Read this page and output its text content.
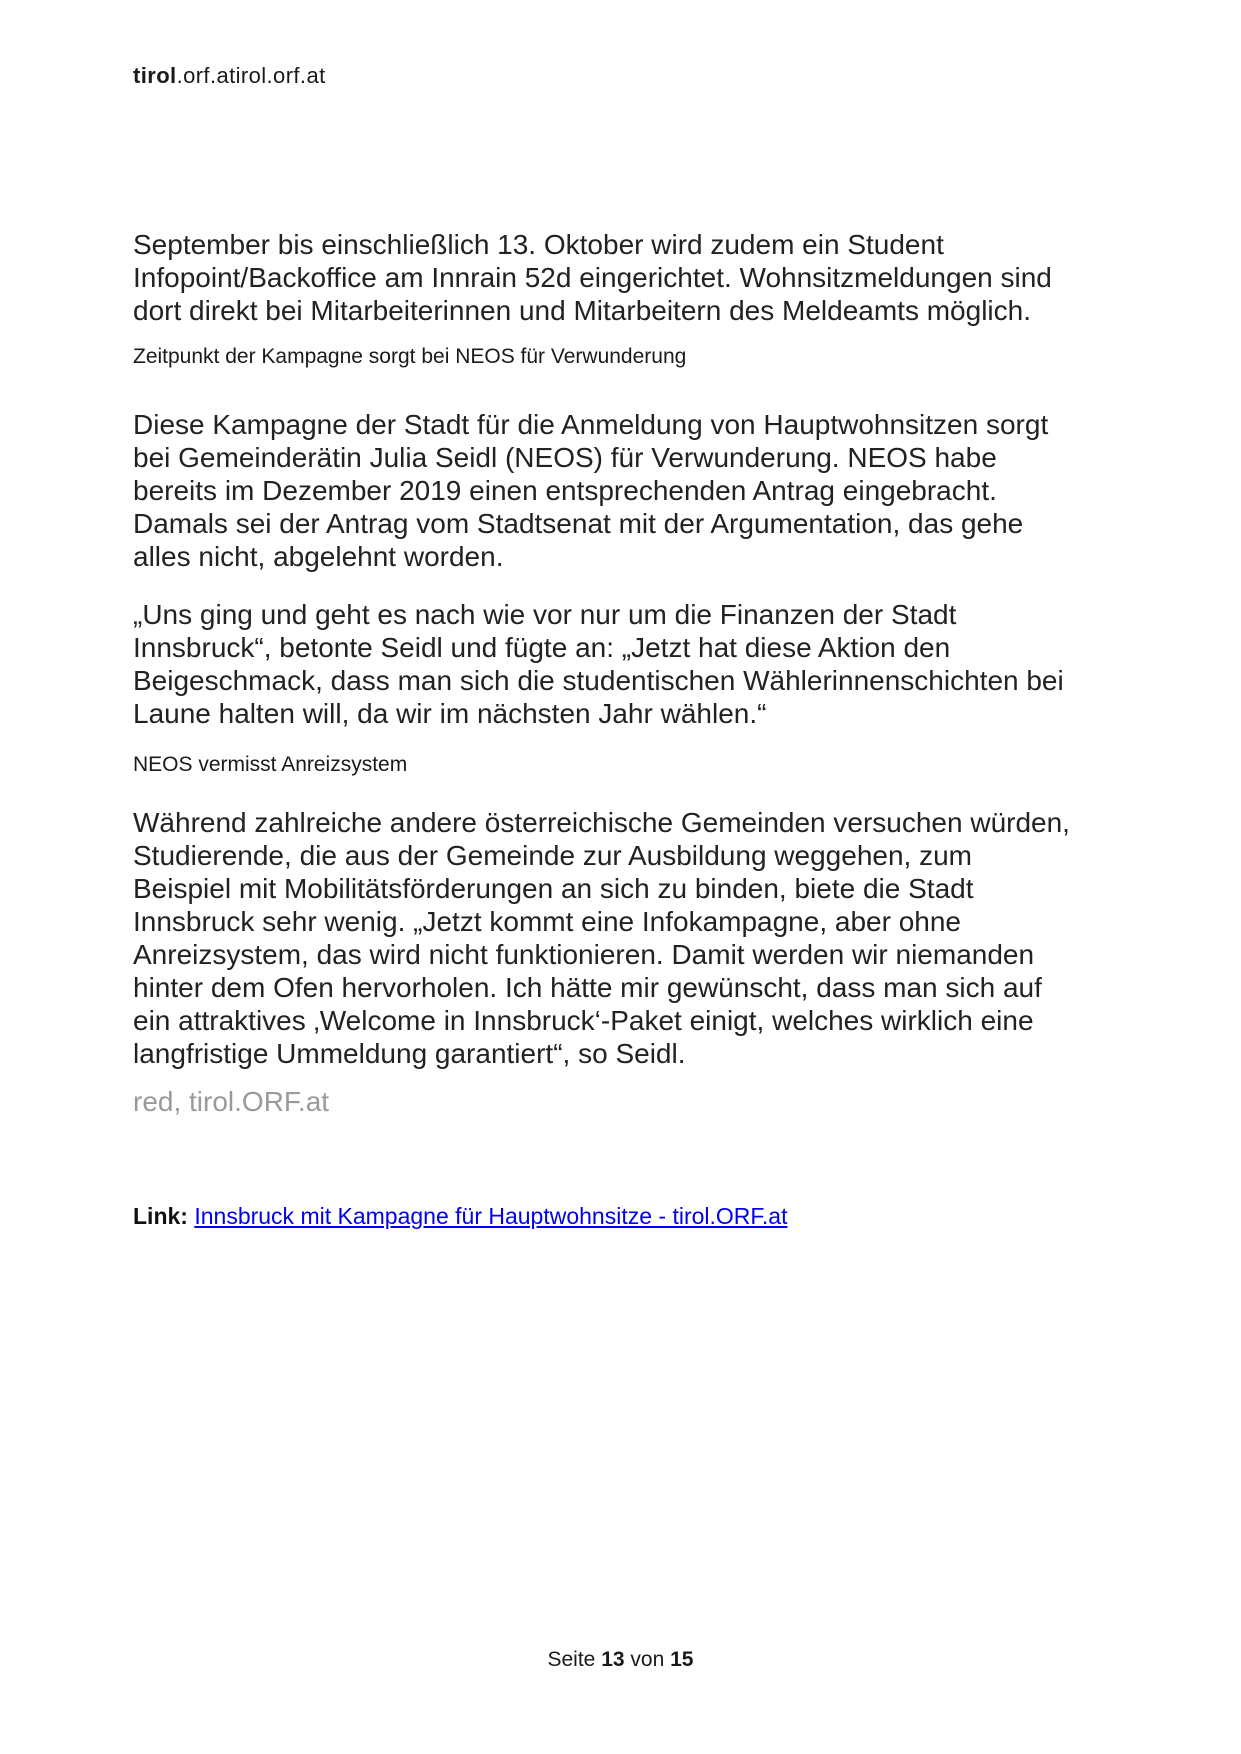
tirol.orf.atirol.orf.at
September bis einschließlich 13. Oktober wird zudem ein Student
Infopoint/Backoffice am Innrain 52d eingerichtet. Wohnsitzmeldungen sind
dort direkt bei Mitarbeiterinnen und Mitarbeitern des Meldeamts möglich.
Zeitpunkt der Kampagne sorgt bei NEOS für Verwunderung
Diese Kampagne der Stadt für die Anmeldung von Hauptwohnsitzen sorgt
bei Gemeinderätin Julia Seidl (NEOS) für Verwunderung. NEOS habe
bereits im Dezember 2019 einen entsprechenden Antrag eingebracht.
Damals sei der Antrag vom Stadtsenat mit der Argumentation, das gehe
alles nicht, abgelehnt worden.
„Uns ging und geht es nach wie vor nur um die Finanzen der Stadt
Innsbruck“, betonte Seidl und fügte an: „Jetzt hat diese Aktion den
Beigeschmack, dass man sich die studentischen Wählerinnenschichten bei
Laune halten will, da wir im nächsten Jahr wählen.“
NEOS vermisst Anreizsystem
Während zahlreiche andere österreichische Gemeinden versuchen würden,
Studierende, die aus der Gemeinde zur Ausbildung weggehen, zum
Beispiel mit Mobilitätsförderungen an sich zu binden, biete die Stadt
Innsbruck sehr wenig. „Jetzt kommt eine Infokampagne, aber ohne
Anreizsystem, das wird nicht funktionieren. Damit werden wir niemanden
hinter dem Ofen hervorholen. Ich hätte mir gewünscht, dass man sich auf
ein attraktives ‚Welcome in Innsbruck‘-Paket einigt, welches wirklich eine
langfristige Ummeldung garantiert“, so Seidl.
red, tirol.ORF.at
Link: Innsbruck mit Kampagne für Hauptwohnsitze - tirol.ORF.at
Seite 13 von 15
